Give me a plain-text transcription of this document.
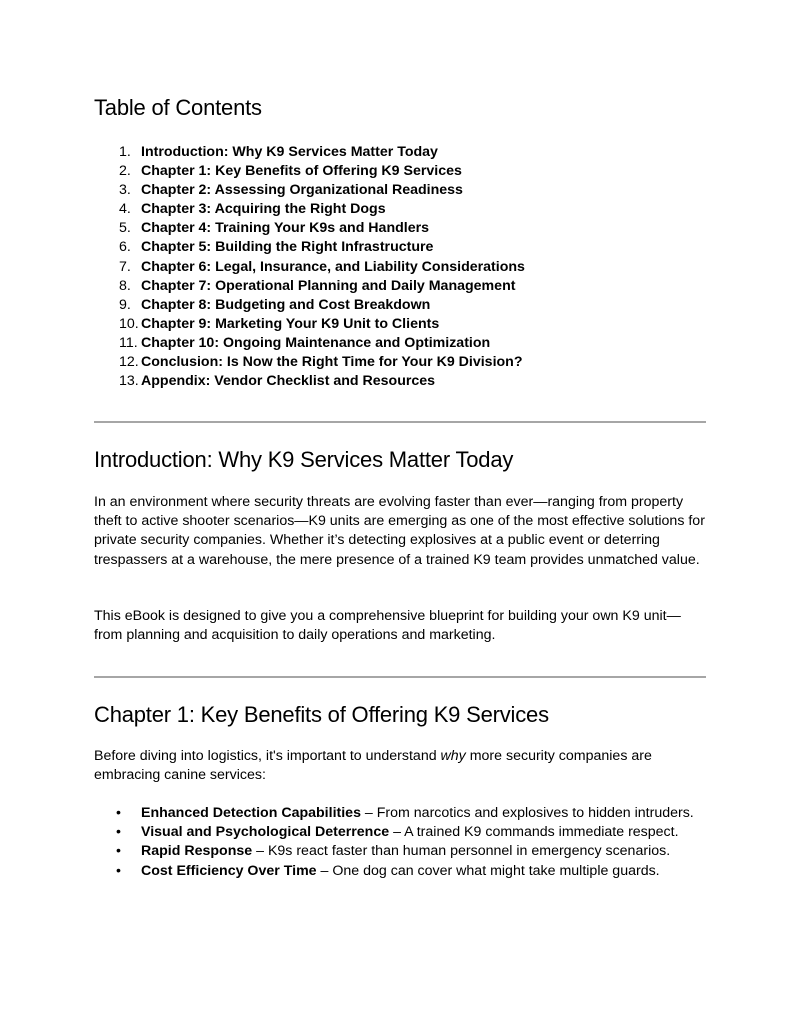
Table of Contents
1. Introduction: Why K9 Services Matter Today
2. Chapter 1: Key Benefits of Offering K9 Services
3. Chapter 2: Assessing Organizational Readiness
4. Chapter 3: Acquiring the Right Dogs
5. Chapter 4: Training Your K9s and Handlers
6. Chapter 5: Building the Right Infrastructure
7. Chapter 6: Legal, Insurance, and Liability Considerations
8. Chapter 7: Operational Planning and Daily Management
9. Chapter 8: Budgeting and Cost Breakdown
10. Chapter 9: Marketing Your K9 Unit to Clients
11. Chapter 10: Ongoing Maintenance and Optimization
12. Conclusion: Is Now the Right Time for Your K9 Division?
13. Appendix: Vendor Checklist and Resources
Introduction: Why K9 Services Matter Today

In an environment where security threats are evolving faster than ever—ranging from property theft to active shooter scenarios—K9 units are emerging as one of the most effective solutions for private security companies. Whether it’s detecting explosives at a public event or deterring trespassers at a warehouse, the mere presence of a trained K9 team provides unmatched value.

This eBook is designed to give you a comprehensive blueprint for building your own K9 unit—from planning and acquisition to daily operations and marketing.

Chapter 1: Key Benefits of Offering K9 Services

Before diving into logistics, it's important to understand why more security companies are embracing canine services:

• Enhanced Detection Capabilities – From narcotics and explosives to hidden intruders.
• Visual and Psychological Deterrence – A trained K9 commands immediate respect.
• Rapid Response – K9s react faster than human personnel in emergency scenarios.
• Cost Efficiency Over Time – One dog can cover what might take multiple guards.
